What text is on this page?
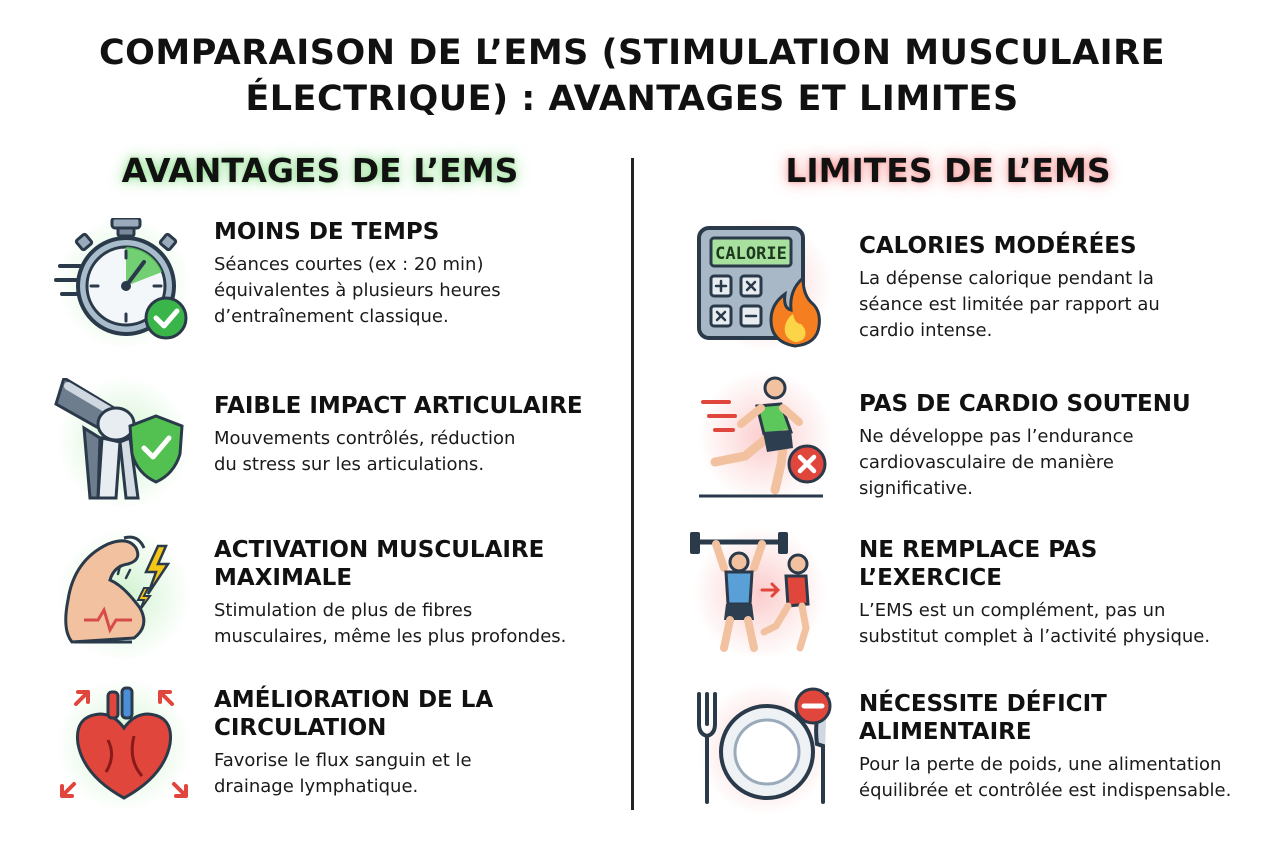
COMPARAISON DE L’EMS (STIMULATION MUSCULAIRE
ÉLECTRIQUE) : AVANTAGES ET LIMITES
AVANTAGES DE L’EMS	LIMITES DE L’EMS

MOINS DE TEMPS

Séances courtes (ex : 20 min)

équivalentes à plusieurs heures

d’entraînement classique.

FAIBLE IMPACT ARTICULAIRE

Mouvements contrôlés, réduction

du stress sur les articulations.

ACTIVATION MUSCULAIRE

MAXIMALE

Stimulation de plus de fibres

musculaires, même les plus profondes.

AMÉLIORATION DE LA

CIRCULATION

Favorise le flux sanguin et le

drainage lymphatique.

CALORIE	CALORIES MODÉRÉES

La dépense calorique pendant la

séance est limitée par rapport au

cardio intense.

PAS DE CARDIO SOUTENU

Ne développe pas l’endurance

cardiovasculaire de manière

significative.

NE REMPLACE PAS

L’EXERCICE

L’EMS est un complément, pas un

substitut complet à l’activité physique.

NÉCESSITE DÉFICIT

ALIMENTAIRE

Pour la perte de poids, une alimentation

équilibrée et contrôlée est indispensable.
